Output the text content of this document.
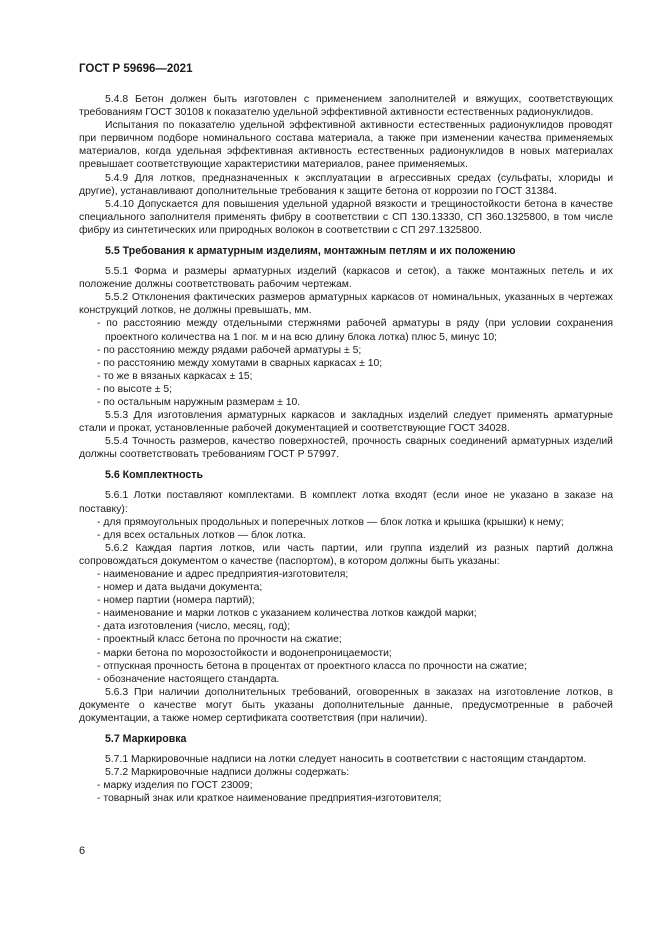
ГОСТ Р 59696—2021

5.4.8 Бетон должен быть изготовлен с применением заполнителей и вяжущих, соответствующих требованиям ГОСТ 30108 к показателю удельной эффективной активности естественных радионуклидов.

Испытания по показателю удельной эффективной активности естественных радионуклидов проводят при первичном подборе номинального состава материала, а также при изменении качества применяемых материалов, когда удельная эффективная активность естественных радионуклидов в новых материалах превышает соответствующие характеристики материалов, ранее применяемых.

5.4.9 Для лотков, предназначенных к эксплуатации в агрессивных средах (сульфаты, хлориды и другие), устанавливают дополнительные требования к защите бетона от коррозии по ГОСТ 31384.

5.4.10 Допускается для повышения удельной ударной вязкости и трещиностойкости бетона в качестве специального заполнителя применять фибру в соответствии с СП 130.13330, СП 360.1325800, в том числе фибру из синтетических или природных волокон в соответствии с СП 297.1325800.

5.5 Требования к арматурным изделиям, монтажным петлям и их положению

5.5.1 Форма и размеры арматурных изделий (каркасов и сеток), а также монтажных петель и их положение должны соответствовать рабочим чертежам.

5.5.2 Отклонения фактических размеров арматурных каркасов от номинальных, указанных в чертежах конструкций лотков, не должны превышать, мм.

- по расстоянию между отдельными стержнями рабочей арматуры в ряду (при условии сохранения проектного количества на 1 пог. м и на всю длину блока лотка) плюс 5, минус 10;

- по расстоянию между рядами рабочей арматуры ± 5;

- по расстоянию между хомутами в сварных каркасах ± 10;

- то же в вязаных каркасах ± 15;

- по высоте ± 5;

- по остальным наружным размерам ± 10.

5.5.3 Для изготовления арматурных каркасов и закладных изделий следует применять арматурные стали и прокат, установленные рабочей документацией и соответствующие ГОСТ 34028.

5.5.4 Точность размеров, качество поверхностей, прочность сварных соединений арматурных изделий должны соответствовать требованиям ГОСТ Р 57997.

5.6 Комплектность

5.6.1 Лотки поставляют комплектами. В комплект лотка входят (если иное не указано в заказе на поставку):

- для прямоугольных продольных и поперечных лотков — блок лотка и крышка (крышки) к нему;

- для всех остальных лотков — блок лотка.

5.6.2 Каждая партия лотков, или часть партии, или группа изделий из разных партий должна сопровождаться документом о качестве (паспортом), в котором должны быть указаны:

- наименование и адрес предприятия-изготовителя;

- номер и дата выдачи документа;

- номер партии (номера партий);

- наименование и марки лотков с указанием количества лотков каждой марки;

- дата изготовления (число, месяц, год);

- проектный класс бетона по прочности на сжатие;

- марки бетона по морозостойкости и водонепроницаемости;

- отпускная прочность бетона в процентах от проектного класса по прочности на сжатие;

- обозначение настоящего стандарта.

5.6.3 При наличии дополнительных требований, оговоренных в заказах на изготовление лотков, в документе о качестве могут быть указаны дополнительные данные, предусмотренные в рабочей документации, а также номер сертификата соответствия (при наличии).

5.7 Маркировка

5.7.1 Маркировочные надписи на лотки следует наносить в соответствии с настоящим стандартом.

5.7.2 Маркировочные надписи должны содержать:

- марку изделия по ГОСТ 23009;

- товарный знак или краткое наименование предприятия-изготовителя;

6
